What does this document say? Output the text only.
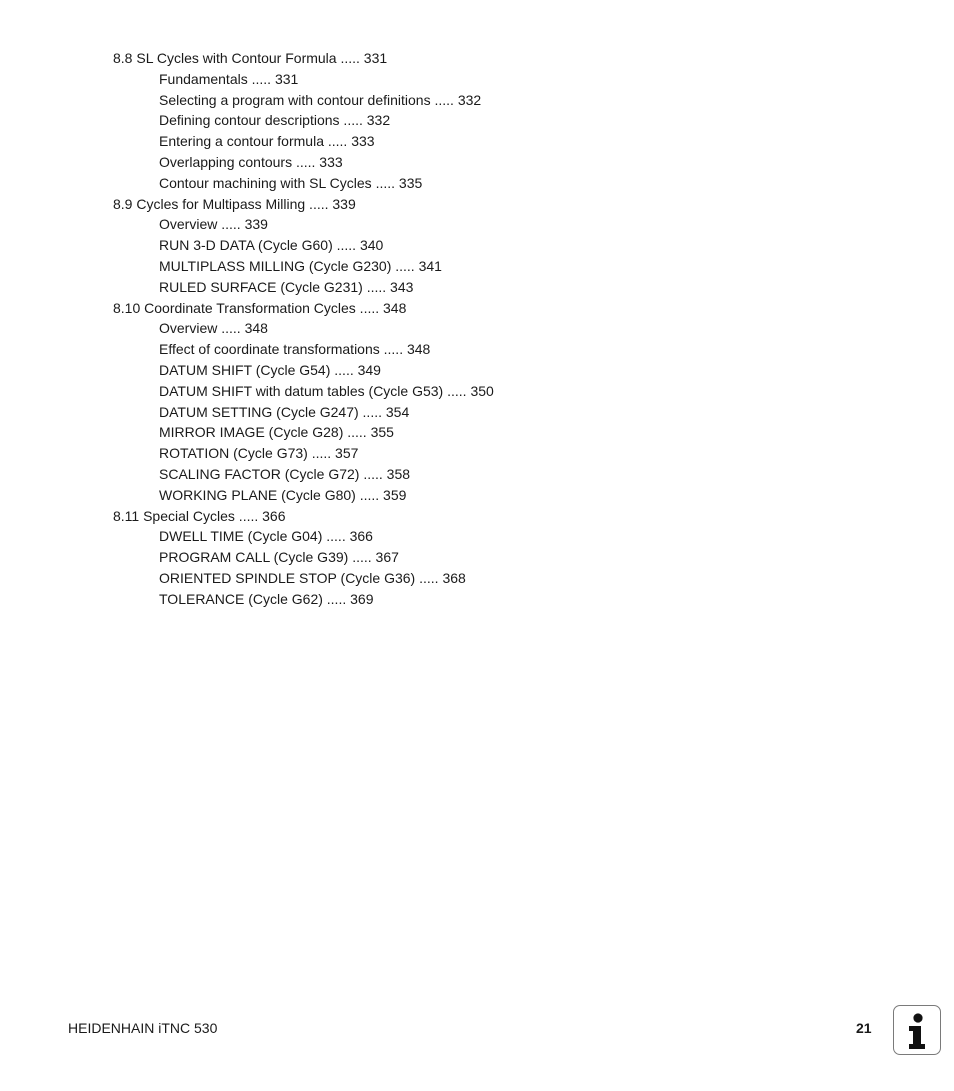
8.8 SL Cycles with Contour Formula ..... 331
Fundamentals ..... 331
Selecting a program with contour definitions ..... 332
Defining contour descriptions ..... 332
Entering a contour formula ..... 333
Overlapping contours ..... 333
Contour machining with SL Cycles ..... 335
8.9 Cycles for Multipass Milling ..... 339
Overview ..... 339
RUN 3-D DATA (Cycle G60) ..... 340
MULTIPLASS MILLING (Cycle G230) ..... 341
RULED SURFACE (Cycle G231) ..... 343
8.10 Coordinate Transformation Cycles ..... 348
Overview ..... 348
Effect of coordinate transformations ..... 348
DATUM SHIFT (Cycle G54) ..... 349
DATUM SHIFT with datum tables (Cycle G53) ..... 350
DATUM SETTING (Cycle G247) ..... 354
MIRROR IMAGE (Cycle G28) ..... 355
ROTATION (Cycle G73) ..... 357
SCALING FACTOR (Cycle G72) ..... 358
WORKING PLANE (Cycle G80) ..... 359
8.11 Special Cycles ..... 366
DWELL TIME (Cycle G04) ..... 366
PROGRAM CALL (Cycle G39) ..... 367
ORIENTED SPINDLE STOP (Cycle G36) ..... 368
TOLERANCE (Cycle G62) ..... 369
HEIDENHAIN iTNC 530	21
